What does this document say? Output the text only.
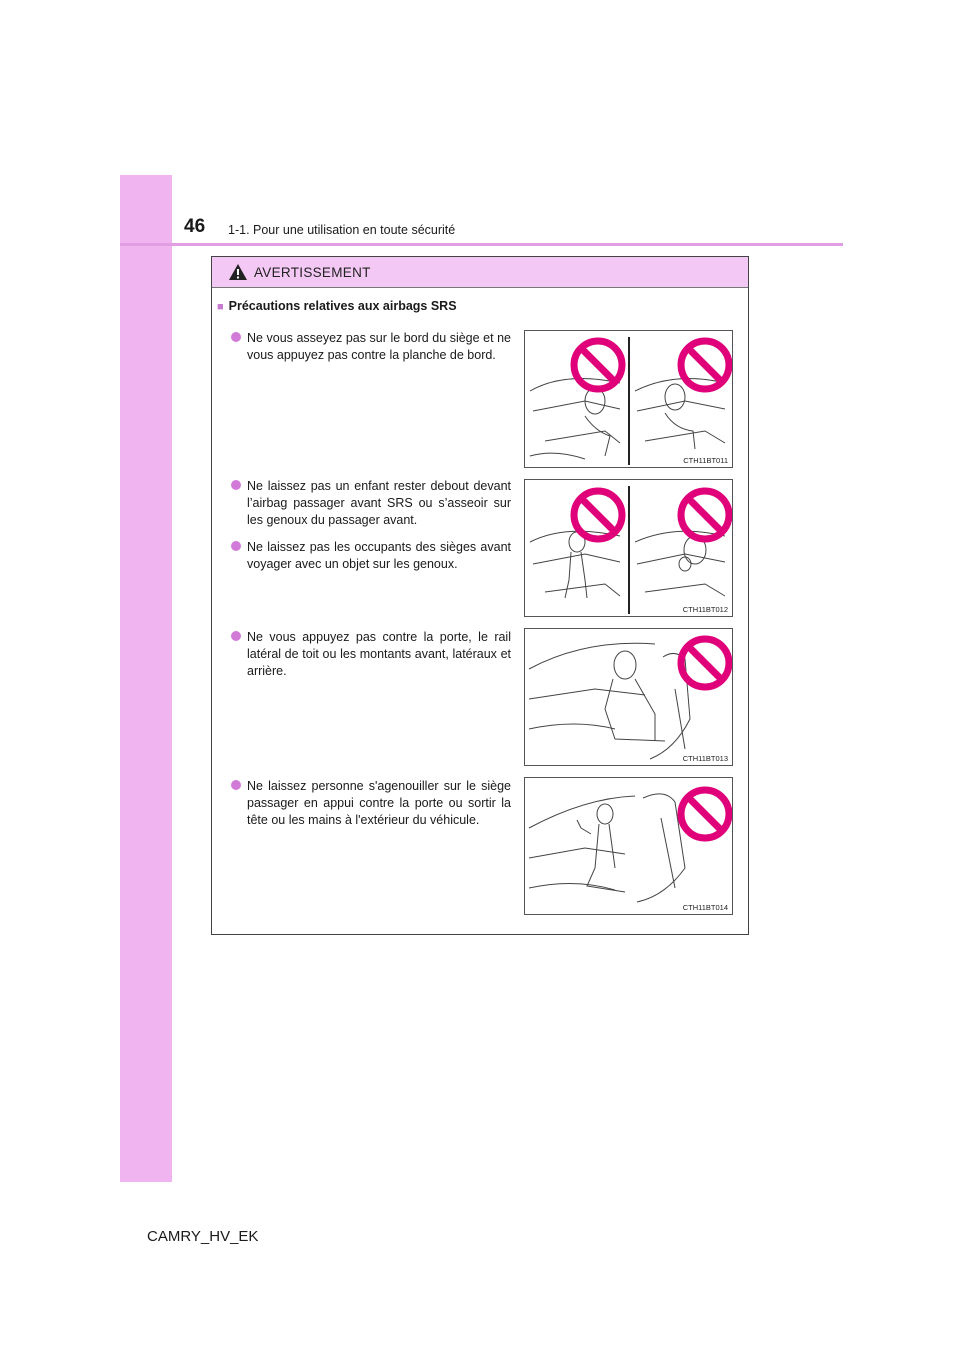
46 1-1. Pour une utilisation en toute sécurité
AVERTISSEMENT
■ Précautions relatives aux airbags SRS
Ne vous asseyez pas sur le bord du siège et ne vous appuyez pas contre la planche de bord.
Ne laissez pas un enfant rester debout devant l’airbag passager avant SRS ou s’asseoir sur les genoux du passager avant.
Ne laissez pas les occupants des sièges avant voyager avec un objet sur les genoux.
Ne vous appuyez pas contre la porte, le rail latéral de toit ou les montants avant, latéraux et arrière.
Ne laissez personne s'agenouiller sur le siège passager en appui contre la porte ou sortir la tête ou les mains à l'extérieur du véhicule.
CTH11BT011
CTH11BT012
CTH11BT013
CTH11BT014
CAMRY_HV_EK
